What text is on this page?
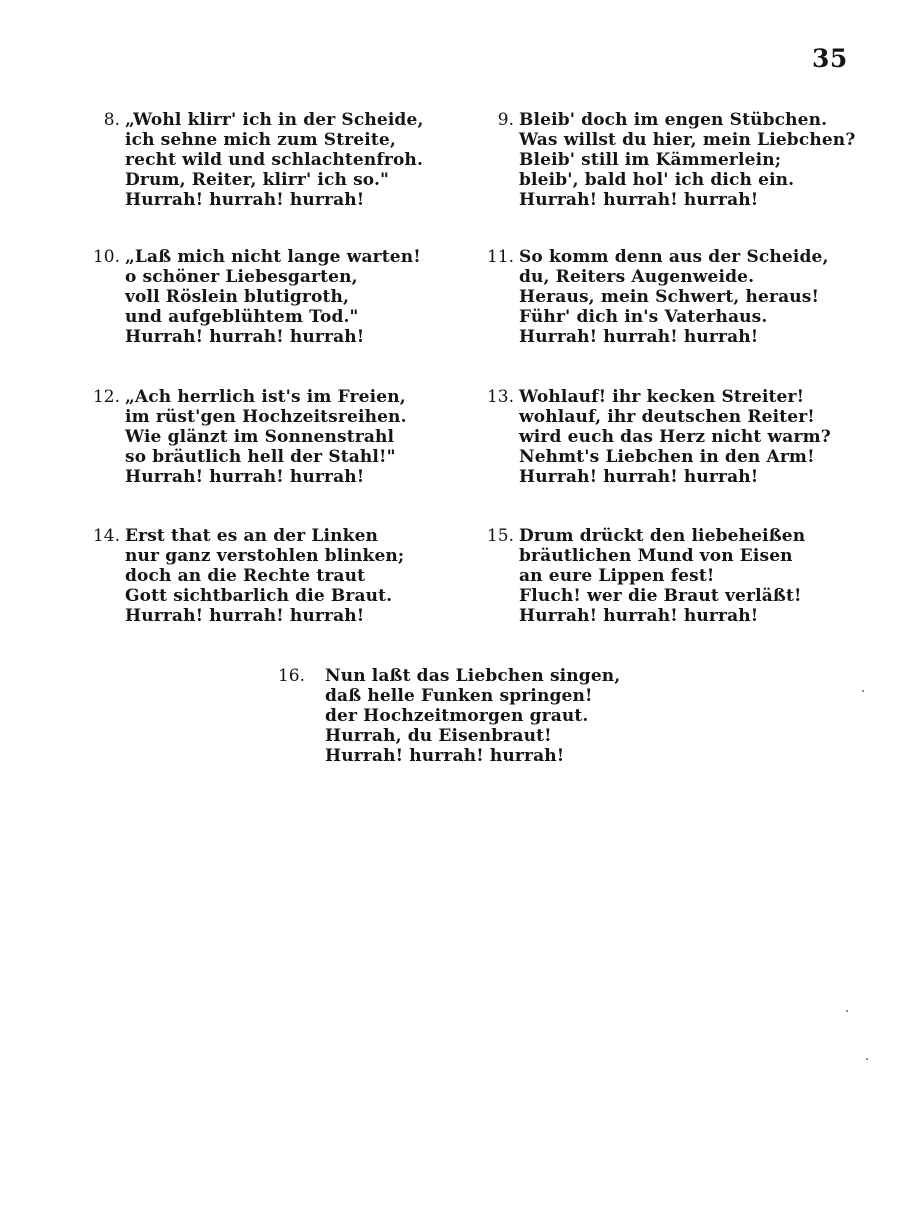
35
8. „Wohl klirr' ich in der Scheide,
ich sehne mich zum Streite,
recht wild und schlachtenfroh.
Drum, Reiter, klirr' ich so."
Hurrah! hurrah! hurrah!
9. Bleib' doch im engen Stübchen.
Was willst du hier, mein Liebchen?
Bleib' still im Kämmerlein;
bleib', bald hol' ich dich ein.
Hurrah! hurrah! hurrah!
10. „Laß mich nicht lange warten!
o schöner Liebesgarten,
voll Röslein blutigroth,
und aufgeblühtem Tod."
Hurrah! hurrah! hurrah!
11. So komm denn aus der Scheide,
du, Reiters Augenweide.
Heraus, mein Schwert, heraus!
Führ' dich in's Vaterhaus.
Hurrah! hurrah! hurrah!
12. „Ach herrlich ist's im Freien,
im rüst'gen Hochzeitsreihen.
Wie glänzt im Sonnenstrahl
so bräutlich hell der Stahl!"
Hurrah! hurrah! hurrah!
13. Wohlauf! ihr kecken Streiter!
wohlauf, ihr deutschen Reiter!
wird euch das Herz nicht warm?
Nehmt's Liebchen in den Arm!
Hurrah! hurrah! hurrah!
14. Erst that es an der Linken
nur ganz verstohlen blinken;
doch an die Rechte traut
Gott sichtbarlich die Braut.
Hurrah! hurrah! hurrah!
15. Drum drückt den liebeheißen
bräutlichen Mund von Eisen
an eure Lippen fest!
Fluch! wer die Braut verläßt!
Hurrah! hurrah! hurrah!
16. Nun laßt das Liebchen singen,
daß helle Funken springen!
der Hochzeitmorgen graut.
Hurrah, du Eisenbraut!
Hurrah! hurrah! hurrah!
